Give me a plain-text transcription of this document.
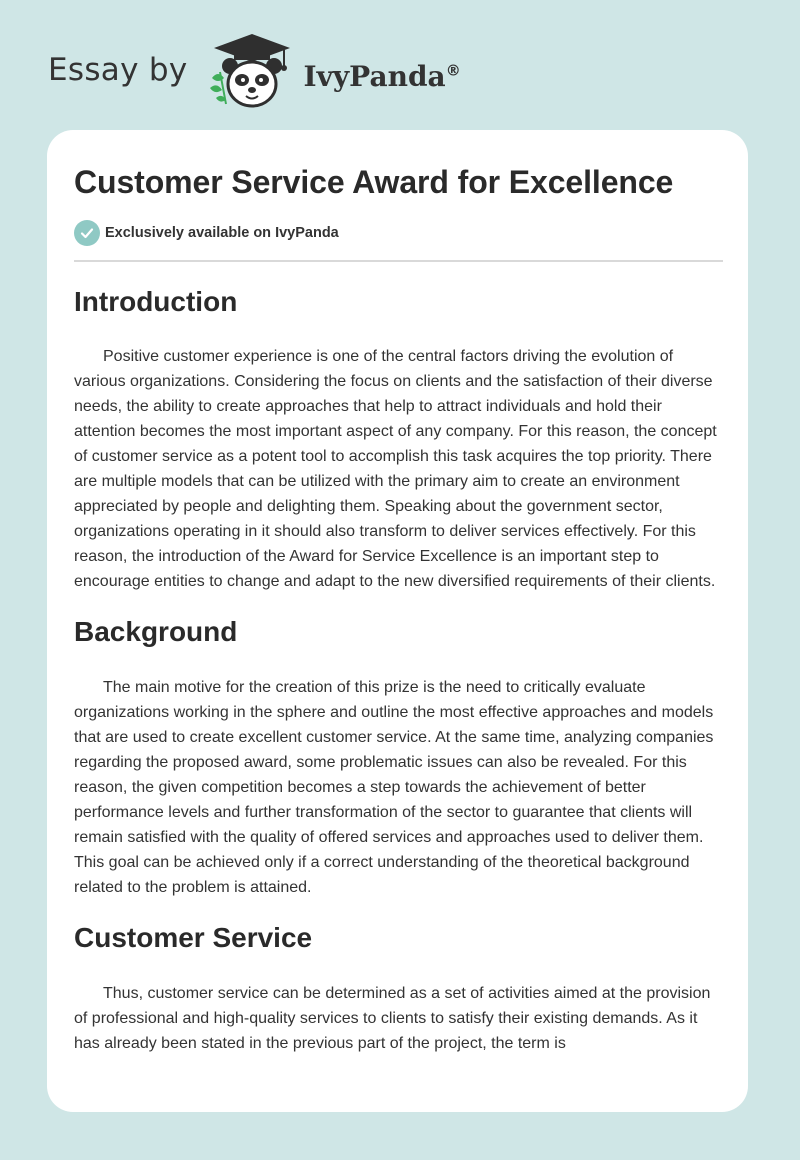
Essay by	IvyPanda®
Customer Service Award for Excellence
Exclusively available on IvyPanda
Introduction

Positive customer experience is one of the central factors driving the evolution of various organizations. Considering the focus on clients and the satisfaction of their diverse needs, the ability to create approaches that help to attract individuals and hold their attention becomes the most important aspect of any company. For this reason, the concept of customer service as a potent tool to accomplish this task acquires the top priority. There are multiple models that can be utilized with the primary aim to create an environment appreciated by people and delighting them. Speaking about the government sector, organizations operating in it should also transform to deliver services effectively. For this reason, the introduction of the Award for Service Excellence is an important step to encourage entities to change and adapt to the new diversified requirements of their clients.

Background

The main motive for the creation of this prize is the need to critically evaluate organizations working in the sphere and outline the most effective approaches and models that are used to create excellent customer service. At the same time, analyzing companies regarding the proposed award, some problematic issues can also be revealed. For this reason, the given competition becomes a step towards the achievement of better performance levels and further transformation of the sector to guarantee that clients will remain satisfied with the quality of offered services and approaches used to deliver them. This goal can be achieved only if a correct understanding of the theoretical background related to the problem is attained.

Customer Service

Thus, customer service can be determined as a set of activities aimed at the provision of professional and high-quality services to clients to satisfy their existing demands. As it has already been stated in the previous part of the project, the term is
